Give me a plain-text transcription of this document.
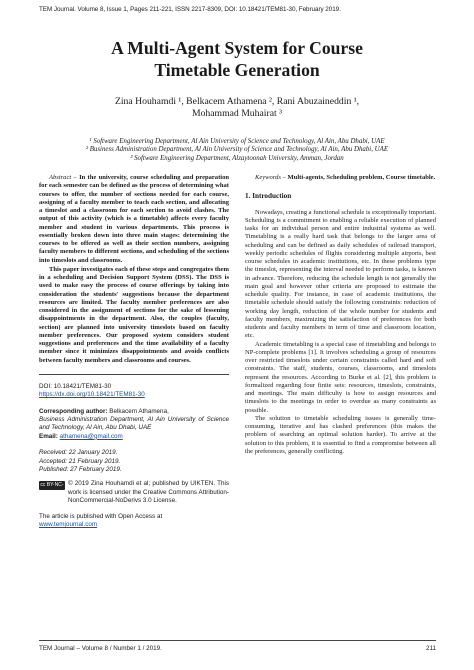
TEM Journal. Volume 8, Issue 1, Pages 211-221, ISSN 2217-8309, DOI: 10.18421/TEM81-30, February 2019.
A Multi-Agent System for Course
Timetable Generation
Zina Houhamdi ¹, Belkacem Athamena ², Rani Abuzaineddin ¹,
Mohammad Muhairat ³
¹ Software Engineering Department, Al Ain University of Science and Technology, Al Ain, Abu Dhabi, UAE
² Business Administration Department, Al Ain University of Science and Technology, Al Ain, Abu Dhabi, UAE
³ Software Engineering Department, Alzaytoonah University, Amman, Jordan

Abstract – In the university, course scheduling and preparation for each semester can be defined as the process of determining what courses to offer, the number of sections needed for each course, assigning of a faculty member to teach each section, and allocating a timeslot and a classroom for each section to avoid clashes. The output of this activity (which is a timetable) affects every faculty member and student in various departments. This process is essentially broken down into three main stages: determining the courses to be offered as well as their section numbers, assigning faculty members to different sections, and scheduling of the sections into timeslots and classrooms.

This paper investigates each of these steps and congregates them in a scheduling and Decision Support System (DSS). The DSS is used to make easy the process of course offerings by taking into consideration the students' suggestions because the department resources are limited. The faculty member preferences are also considered in the assignment of sections for the sake of lessening disappointments in the department. Also, the couples (faculty, section) are planned into university timeslots based on faculty member preferences. Our proposed system considers student suggestions and preferences and the time availability of a faculty member since it minimizes disappointments and avoids conflicts between faculty members and classrooms and courses.

DOI: 10.18421/TEM81-30

https://dx.doi.org/10.18421/TEM81-30

Corresponding author: Belkacem Athamena,

Business Administration Department, Al Ain University of Science and Technology, Al Ain, Abu Dhabi, UAE

Email: athamena@gmail.com

Received: 22 January 2019.

Accepted: 21 February 2019.

Published: 27 February 2019.

cc BY-NC-ND
© 2019 Zina Houhamdi et al; published by UIKTEN. This work is licensed under the Creative Commons Attribution-NonCommercial-NoDerivs 3.0 License.

The article is published with Open Access at

www.temjournal.com

Keywords – Multi-agents, Scheduling problem, Course timetable.

1. Introduction

Nowadays, creating a functional schedule is exceptionally important. Scheduling is a commitment to enabling a reliable execution of planned tasks for an individual person and entire industrial systems as well. Timetabling is a really hard task that belongs to the larger area of scheduling and can be defined as daily schedules of railroad transport, weekly periodic schedules of flights considering multiple airports, best course schedules in academic institutions, etc. In these problems type the timeslot, representing the interval needed to perform tasks, is known in advance. Therefore, reducing the schedule length is not generally the main goal and however other criteria are proposed to estimate the schedule quality. For instance, in case of academic institutions, the timetable schedule should satisfy the following constraints: reduction of working day length, reduction of the whole number for students and faculty members, maximizing the satisfaction of preferences for both students and faculty members in term of time and classroom location, etc.

Academic timetabling is a special case of timetabling and belongs to NP-complete problems [1]. It involves scheduling a group of resources over restricted timeslots under certain constraints called hard and soft constraints. The staff, students, courses, classrooms, and timeslots represent the resources. According to Burke et al. [2], this problem is formalized regarding four finite sets: resources, timeslots, constraints, and meetings. The main difficulty is how to assign resources and timeslots to the meetings in order to overdue as many constraints as possible.

The solution to timetable scheduling issues is generally time-consuming, iterative and has clashed preferences (this makes the problem of searching an optimal solution harder). To arrive at the solution to this problem, it is essential to find a compromise between all the preferences, generally conflicting.

TEM Journal – Volume 8 / Number 1 / 2019.	211
